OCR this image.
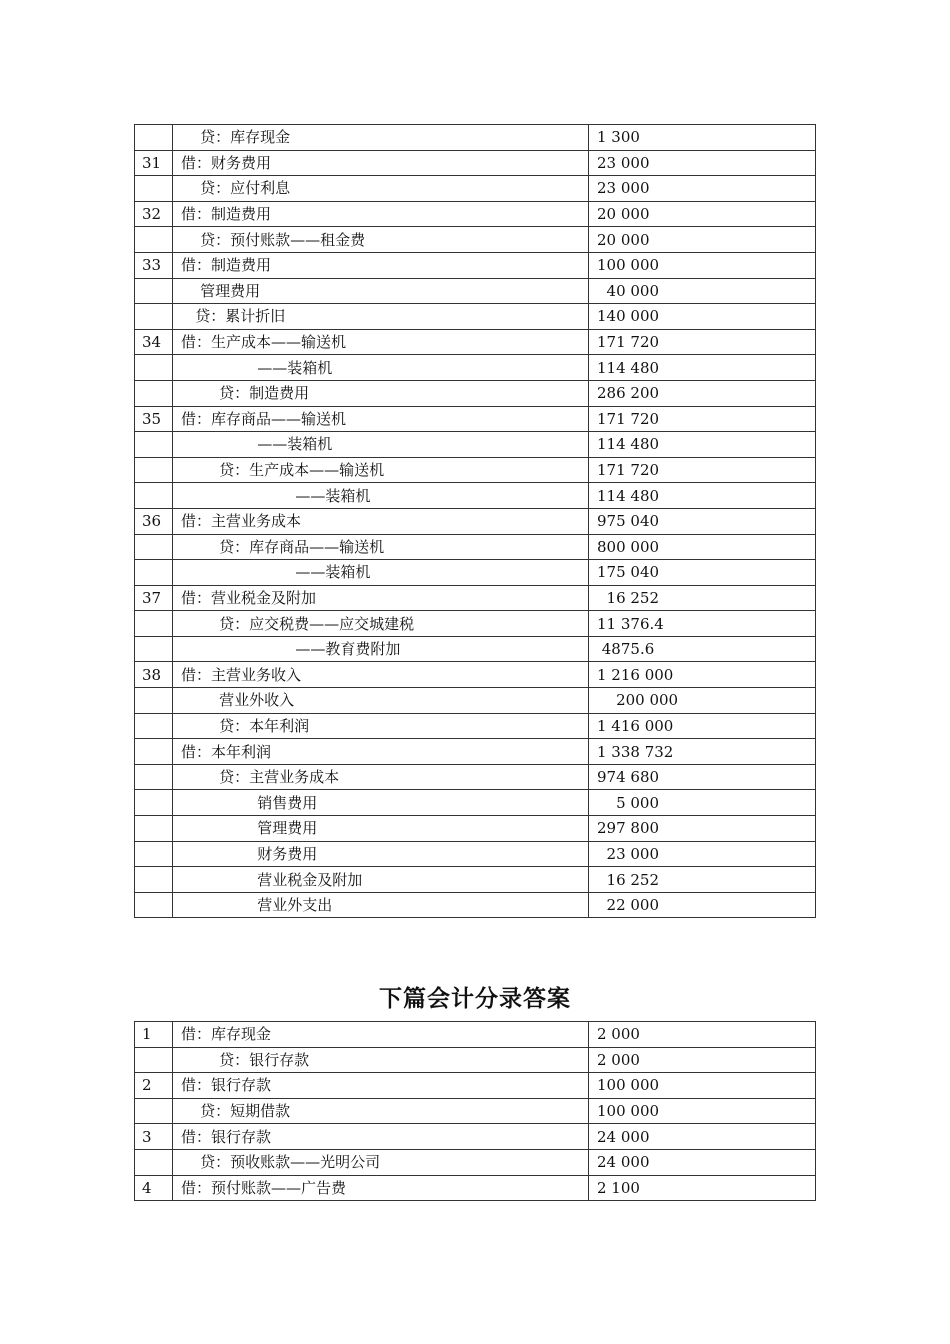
	贷：库存现金	1 300
31	借：财务费用	23 000
	贷：应付利息	23 000
32	借：制造费用	20 000
	贷：预付账款——租金费	20 000
33	借：制造费用	100 000
	管理费用	40 000
	贷：累计折旧	140 000
34	借：生产成本——输送机	171 720
	——装箱机	114 480
	贷：制造费用	286 200
35	借：库存商品——输送机	171 720
	——装箱机	114 480
	贷：生产成本——输送机	171 720
	——装箱机	114 480
36	借：主营业务成本	975 040
	贷：库存商品——输送机	800 000
	——装箱机	175 040
37	借：营业税金及附加	16 252
	贷：应交税费——应交城建税	11 376.4
	——教育费附加	4875.6
38	借：主营业务收入	1 216 000
	营业外收入	200 000
	贷：本年利润	1 416 000
	借：本年利润	1 338 732
	贷：主营业务成本	974 680
	销售费用	5 000
	管理费用	297 800
	财务费用	23 000
	营业税金及附加	16 252
	营业外支出	22 000
下篇会计分录答案
1	借：库存现金	2 000
	贷：银行存款	2 000
2	借：银行存款	100 000
	贷：短期借款	100 000
3	借：银行存款	24 000
	贷：预收账款——光明公司	24 000
4	借：预付账款——广告费	2 100
